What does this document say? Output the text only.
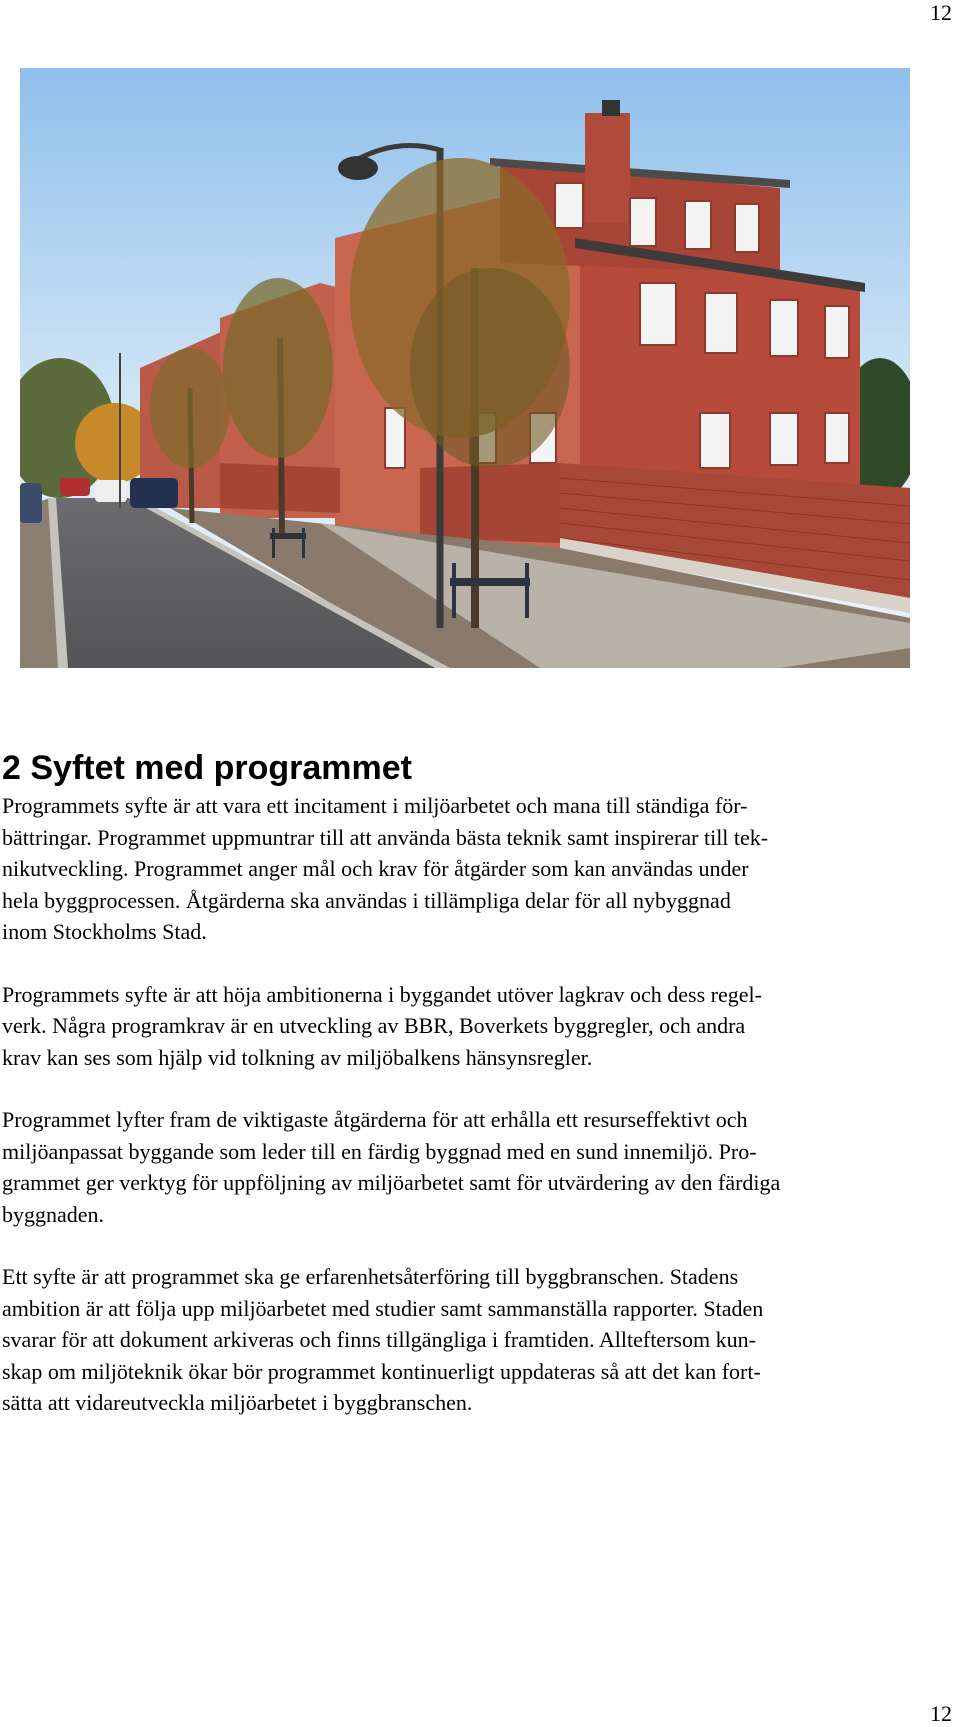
12
2 Syftet med programmet

Programmets syfte är att vara ett incitament i miljöarbetet och mana till ständiga för-
bättringar. Programmet uppmuntrar till att använda bästa teknik samt inspirerar till tek-
nikutveckling. Programmet anger mål och krav för åtgärder som kan användas under
hela byggprocessen. Åtgärderna ska användas i tillämpliga delar för all nybyggnad
inom Stockholms Stad.

Programmets syfte är att höja ambitionerna i byggandet utöver lagkrav och dess regel-
verk. Några programkrav är en utveckling av BBR, Boverkets byggregler, och andra
krav kan ses som hjälp vid tolkning av miljöbalkens hänsynsregler.

Programmet lyfter fram de viktigaste åtgärderna för att erhålla ett resurseffektivt och
miljöanpassat byggande som leder till en färdig byggnad med en sund innemiljö. Pro-
grammet ger verktyg för uppföljning av miljöarbetet samt för utvärdering av den färdiga
byggnaden.

Ett syfte är att programmet ska ge erfarenhetsåterföring till byggbranschen. Stadens
ambition är att följa upp miljöarbetet med studier samt sammanställa rapporter. Staden
svarar för att dokument arkiveras och finns tillgängliga i framtiden. Allteftersom kun-
skap om miljöteknik ökar bör programmet kontinuerligt uppdateras så att det kan fort-
sätta att vidareutveckla miljöarbetet i byggbranschen.

12
